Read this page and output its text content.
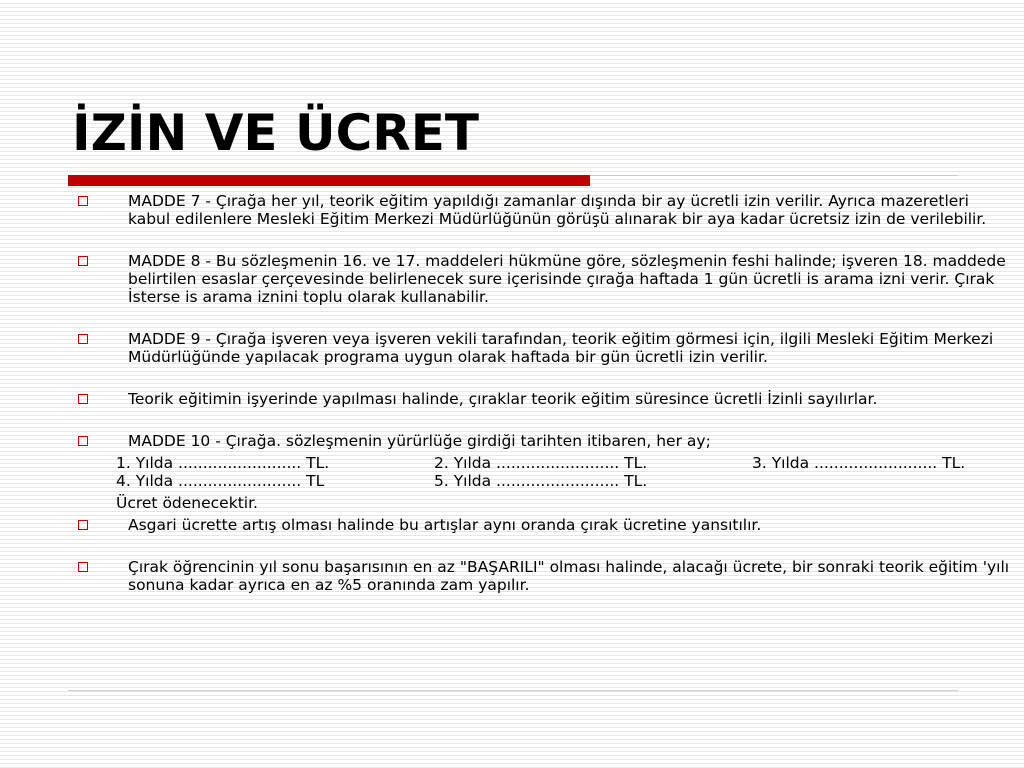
İZİN VE ÜCRET
MADDE 7 - Çırağa her yıl, teorik eğitim yapıldığı zamanlar dışında bir ay ücretli izin verilir. Ayrıca mazeretleri kabul edilenlere Mesleki Eğitim Merkezi Müdürlüğünün görüşü alınarak bir aya kadar ücretsiz izin de verilebilir.
MADDE 8 - Bu sözleşmenin 16. ve 17. maddeleri hükmüne göre, sözleşmenin feshi halinde; işveren 18. maddede belirtilen esaslar çerçevesinde belirlenecek sure içerisinde çırağa haftada 1 gün ücretli is arama izni verir. Çırak İsterse is arama iznini toplu olarak kullanabilir.
MADDE 9 - Çırağa işveren veya işveren vekili tarafından, teorik eğitim görmesi için, ilgili Mesleki Eğitim Merkezi Müdürlüğünde yapılacak programa uygun olarak haftada bir gün ücretli izin verilir.
Teorik eğitimin işyerinde yapılması halinde, çıraklar teorik eğitim süresince ücretli İzinli sayılırlar.
MADDE 10 - Çırağa. sözleşmenin yürürlüğe girdiği tarihten itibaren, her ay;
1. Yılda ......................... TL.	2. Yılda ......................... TL.	3. Yılda ......................... TL.
4. Yılda ......................... TL	5. Yılda ......................... TL.
Ücret ödenecektir.
Asgari ücrette artış olması halinde bu artışlar aynı oranda çırak ücretine yansıtılır.
Çırak öğrencinin yıl sonu başarısının en az "BAŞARILI" olması halinde, alacağı ücrete, bir sonraki teorik eğitim 'yılı sonuna kadar ayrıca en az %5 oranında zam yapılır.
